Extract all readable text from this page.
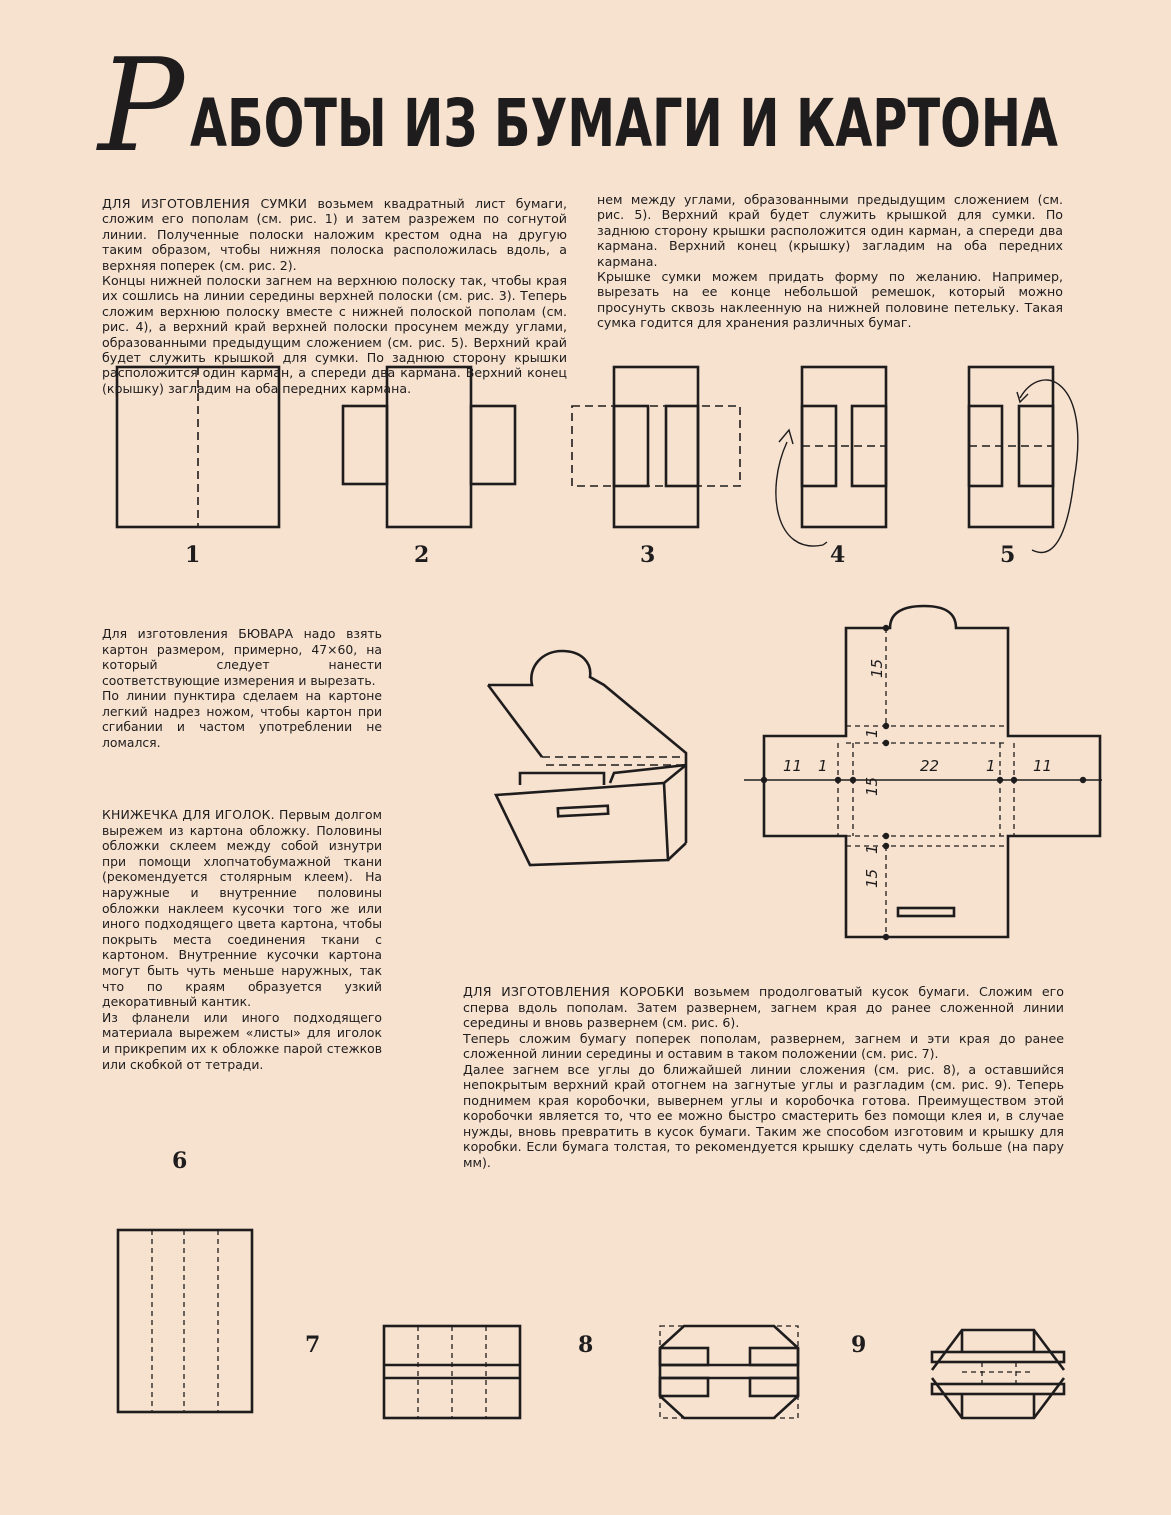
Р АБОТЫ ИЗ БУМАГИ И КАРТОНА

ДЛЯ ИЗГОТОВЛЕНИЯ СУМКИ возьмем квадратный лист бумаги, сложим его пополам (см. рис. 1) и затем разрежем по согнутой линии. Полученные полоски наложим крестом одна на другую таким образом, чтобы нижняя полоска расположилась вдоль, а верхняя поперек (см. рис. 2).

Концы нижней полоски загнем на верхнюю полоску так, чтобы края их сошлись на линии середины верхней полоски (см. рис. 3). Теперь сложим верхнюю полоску вместе с нижней полоской пополам (см. рис. 4), а верхний край верхней полоски просунем между углами, образованными предыдущим сложением (см. рис. 5). Верхний край будет служить крышкой для сумки. По заднюю сторону крышки расположится один карман, а спереди два кармана. Верхний конец (крышку) загладим на оба передних кармана.

нем между углами, образованными предыдущим сложением (см. рис. 5). Верхний край будет служить крышкой для сумки. По заднюю сторону крышки расположится один карман, а спереди два кармана. Верхний конец (крышку) загладим на оба передних кармана.

Крышке сумки можем придать форму по желанию. Например, вырезать на ее конце небольшой ремешок, который можно просунуть сквозь наклеенную на нижней половине петельку. Такая сумка годится для хранения различных бумаг.

1	2	3	4	5

Для изготовления БЮВАРА надо взять картон размером, примерно, 47×60, на который следует нанести соответствующие измерения и вырезать.

По линии пунктира сделаем на картоне легкий надрез ножом, чтобы картон при сгибании и частом употреблении не ломался.

КНИЖЕЧКА ДЛЯ ИГОЛОК. Первым долгом вырежем из картона обложку. Половины обложки склеем между собой изнутри при помощи хлопчатобумажной ткани (рекомендуется столярным клеем). На наружные и внутренние половины обложки наклеем кусочки того же или иного подходящего цвета картона, чтобы покрыть места соединения ткани с картоном. Внутренние кусочки картона могут быть чуть меньше наружных, так что по краям образуется узкий декоративный кантик.

Из фланели или иного подходящего материала вырежем «листы» для иголок и прикрепим их к обложке парой стежков или скобкой от тетради.

15
1
11 1	22	1 11
15
1
15

ДЛЯ ИЗГОТОВЛЕНИЯ КОРОБКИ возьмем продолговатый кусок бумаги. Сложим его сперва вдоль пополам. Затем развернем, загнем края до ранее сложенной линии середины и вновь развернем (см. рис. 6).

Теперь сложим бумагу поперек пополам, развернем, загнем и эти края до ранее сложенной линии середины и оставим в таком положении (см. рис. 7).

Далее загнем все углы до ближайшей линии сложения (см. рис. 8), а оставшийся непокрытым верхний край отогнем на загнутые углы и разгладим (см. рис. 9). Теперь поднимем края коробочки, вывернем углы и коробочка готова. Преимуществом этой коробочки является то, что ее можно быстро смастерить без помощи клея и, в случае нужды, вновь превратить в кусок бумаги. Таким же способом изготовим и крышку для коробки. Если бумага толстая, то рекомендуется крышку сделать чуть больше (на пару мм).

6
7	8	9
